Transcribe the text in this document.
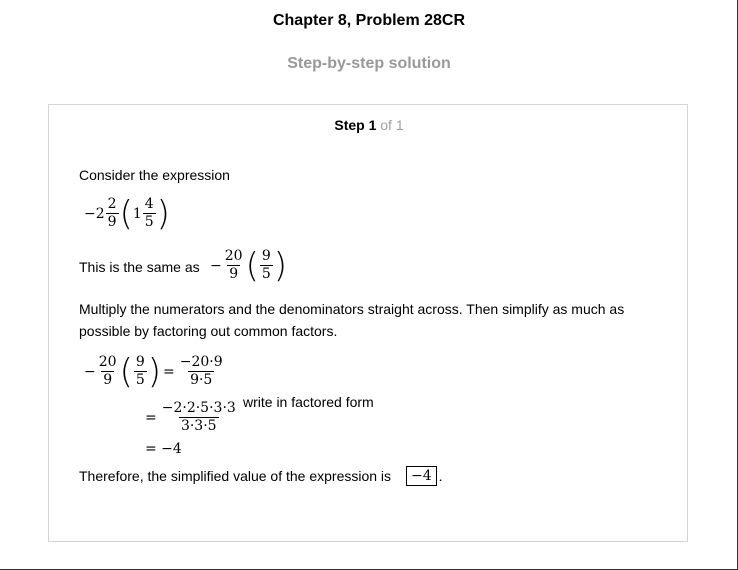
Chapter 8, Problem 28CR
Step-by-step solution
Step 1 of 1
Consider the expression
$-2 \frac{2}{9}$ ( $1 \frac{4}{5}$ )
This is the same as − $\frac{20}{9}$ ( $\frac{9}{5}$ )
Multiply the numerators and the denominators straight across. Then simplify as much as
possible by factoring out common factors.
− $\frac{20}{9}$ ( $\frac{9}{5}$ ) = $\frac{-20\cdot 9}{9\cdot 5}$
= $\frac{-2\cdot 2\cdot 5\cdot 3\cdot 3}{3\cdot 3\cdot 5}$ write in factored form
= −4
Therefore, the simplified value of the expression is	−4 .
